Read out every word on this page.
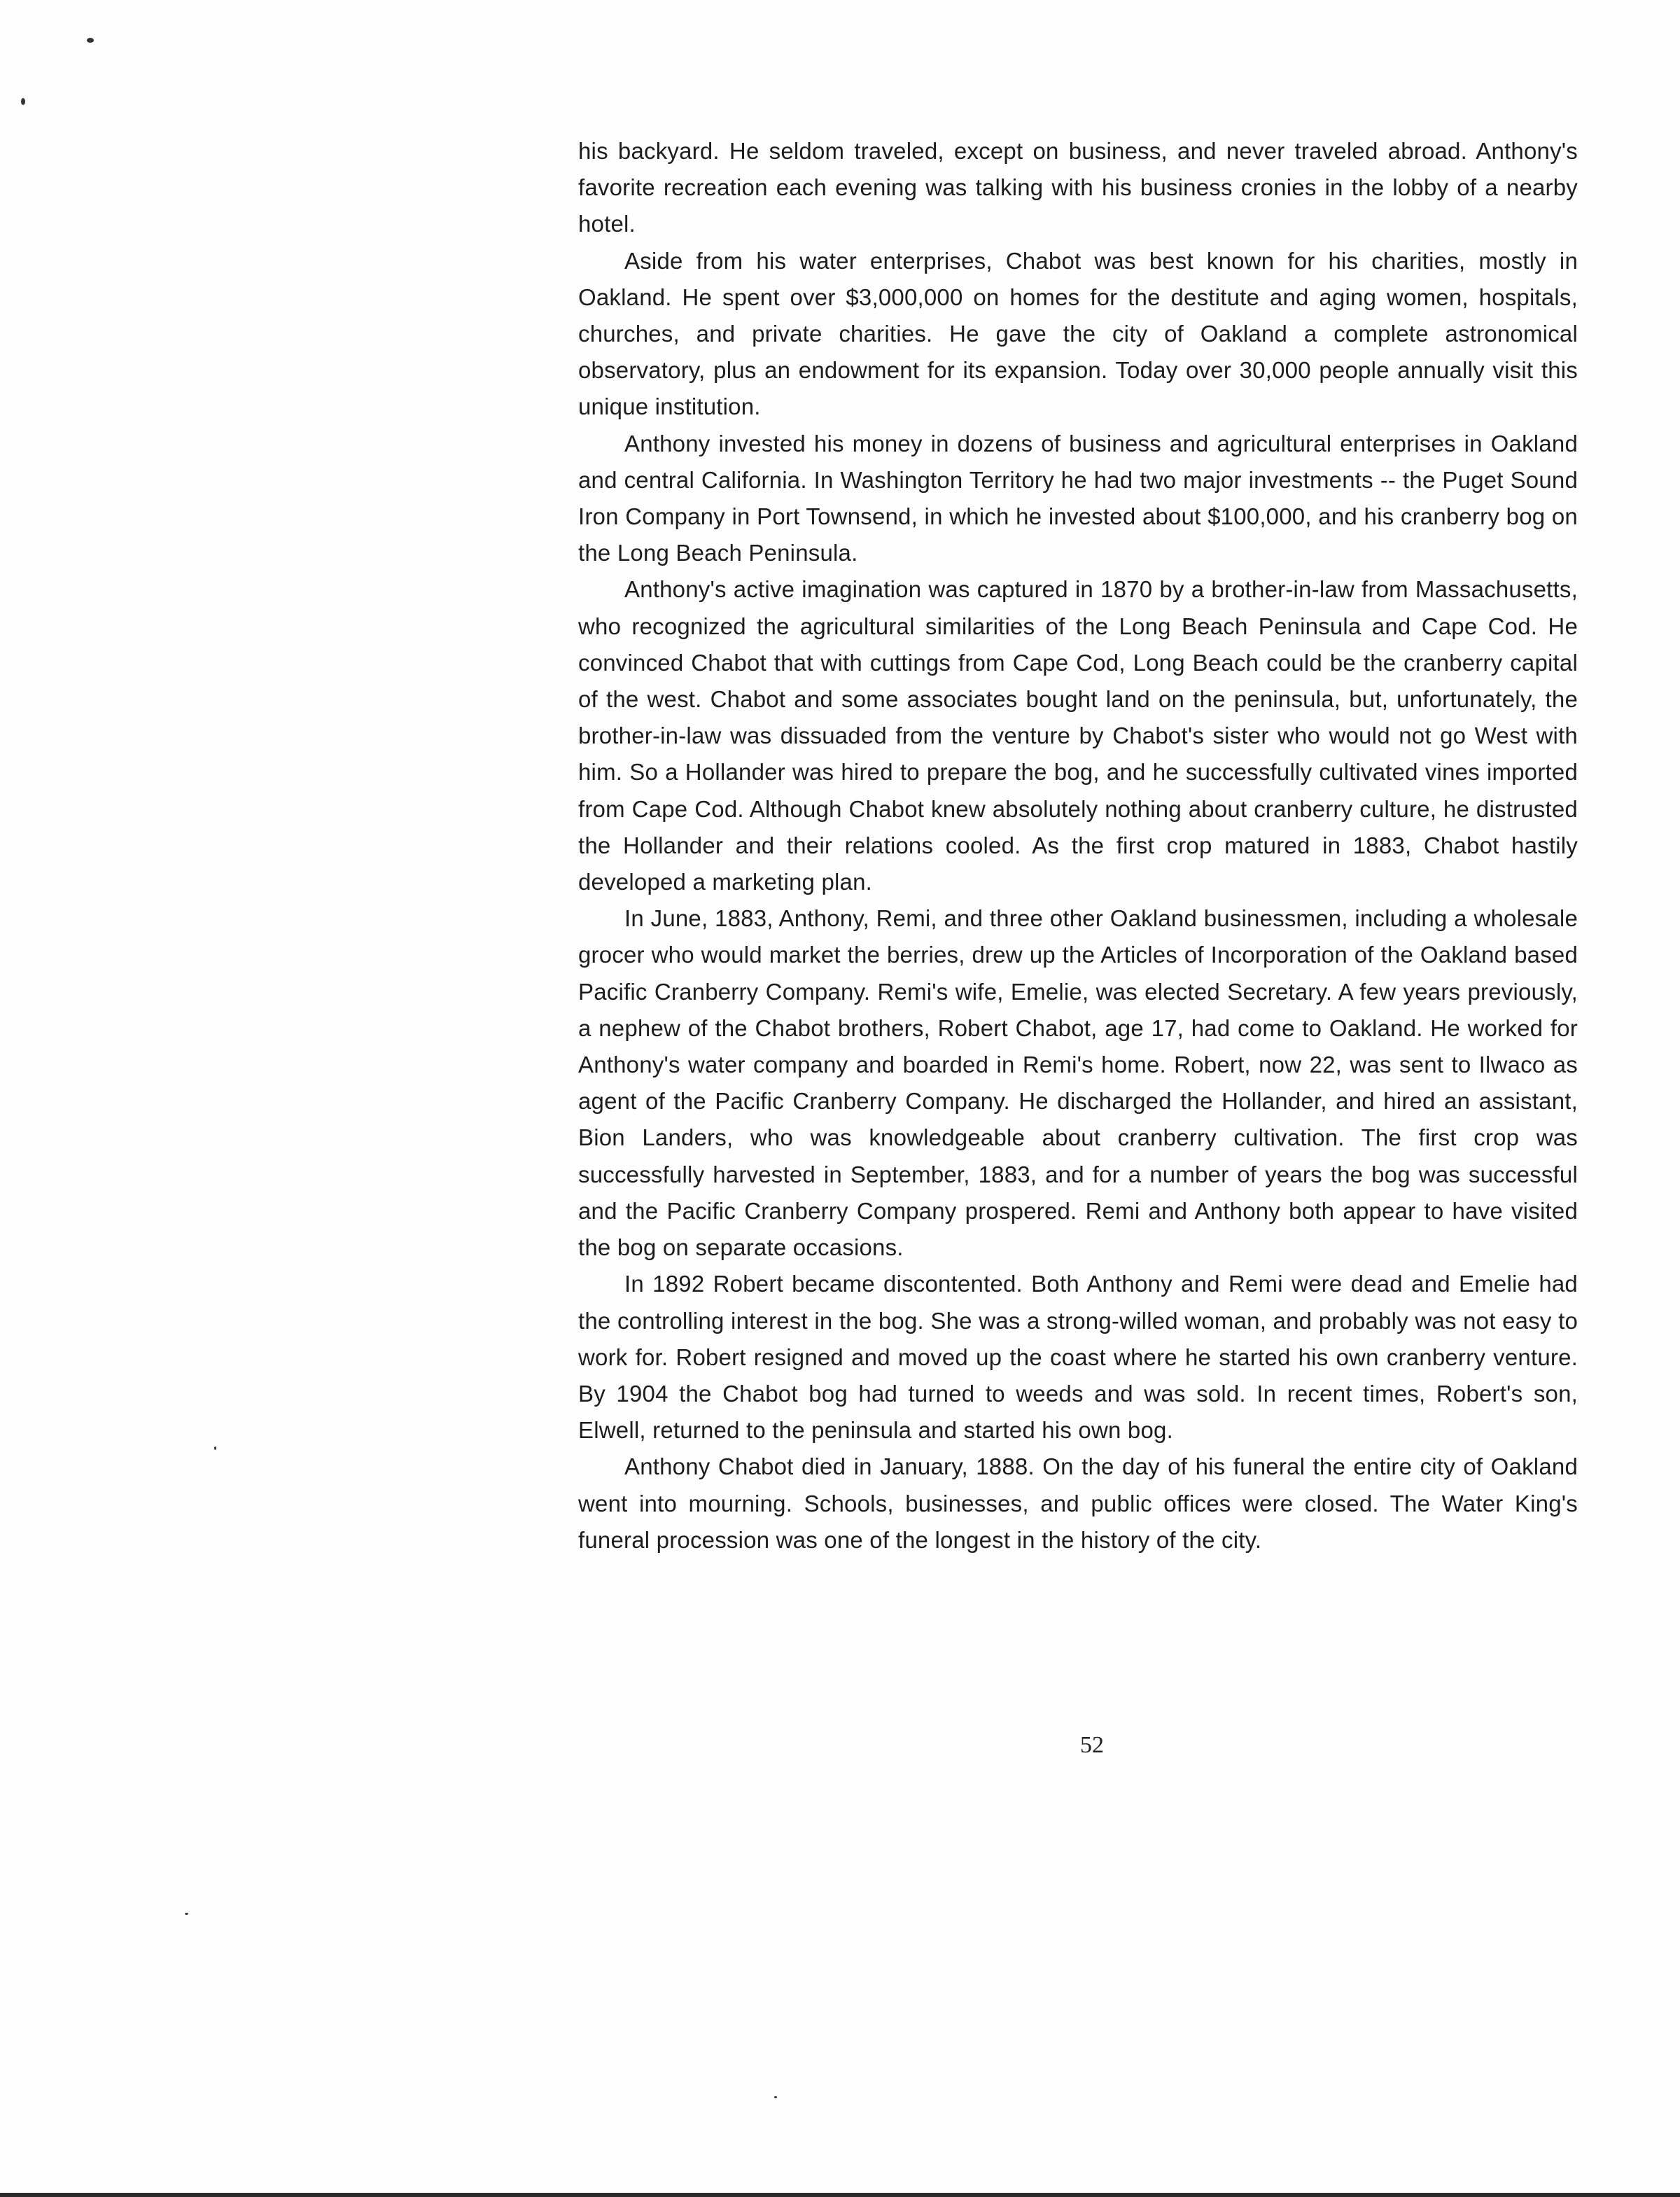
his backyard. He seldom traveled, except on business, and never traveled abroad. Anthony's favorite recreation each evening was talking with his business cronies in the lobby of a nearby hotel.

Aside from his water enterprises, Chabot was best known for his charities, mostly in Oakland. He spent over $3,000,000 on homes for the destitute and aging women, hospitals, churches, and private charities. He gave the city of Oakland a complete astronomical observatory, plus an endowment for its expansion. Today over 30,000 people annually visit this unique institution.

Anthony invested his money in dozens of business and agricultural enterprises in Oakland and central California. In Washington Territory he had two major investments -- the Puget Sound Iron Company in Port Townsend, in which he invested about $100,000, and his cranberry bog on the Long Beach Peninsula.

Anthony's active imagination was captured in 1870 by a brother-in-law from Massachusetts, who recognized the agricultural similarities of the Long Beach Peninsula and Cape Cod. He convinced Chabot that with cuttings from Cape Cod, Long Beach could be the cranberry capital of the west. Chabot and some associates bought land on the peninsula, but, unfortunately, the brother-in-law was dissuaded from the venture by Chabot's sister who would not go West with him. So a Hollander was hired to prepare the bog, and he successfully cultivated vines imported from Cape Cod. Although Chabot knew absolutely nothing about cranberry culture, he distrusted the Hollander and their relations cooled. As the first crop matured in 1883, Chabot hastily developed a marketing plan.

In June, 1883, Anthony, Remi, and three other Oakland businessmen, including a wholesale grocer who would market the berries, drew up the Articles of Incorporation of the Oakland based Pacific Cranberry Company. Remi's wife, Emelie, was elected Secretary. A few years previously, a nephew of the Chabot brothers, Robert Chabot, age 17, had come to Oakland. He worked for Anthony's water company and boarded in Remi's home. Robert, now 22, was sent to Ilwaco as agent of the Pacific Cranberry Company. He discharged the Hollander, and hired an assistant, Bion Landers, who was knowledgeable about cranberry cultivation. The first crop was successfully harvested in September, 1883, and for a number of years the bog was successful and the Pacific Cranberry Company prospered. Remi and Anthony both appear to have visited the bog on separate occasions.

In 1892 Robert became discontented. Both Anthony and Remi were dead and Emelie had the controlling interest in the bog. She was a strong-willed woman, and probably was not easy to work for. Robert resigned and moved up the coast where he started his own cranberry venture. By 1904 the Chabot bog had turned to weeds and was sold. In recent times, Robert's son, Elwell, returned to the peninsula and started his own bog.

Anthony Chabot died in January, 1888. On the day of his funeral the entire city of Oakland went into mourning. Schools, businesses, and public offices were closed. The Water King's funeral procession was one of the longest in the history of the city.

52
